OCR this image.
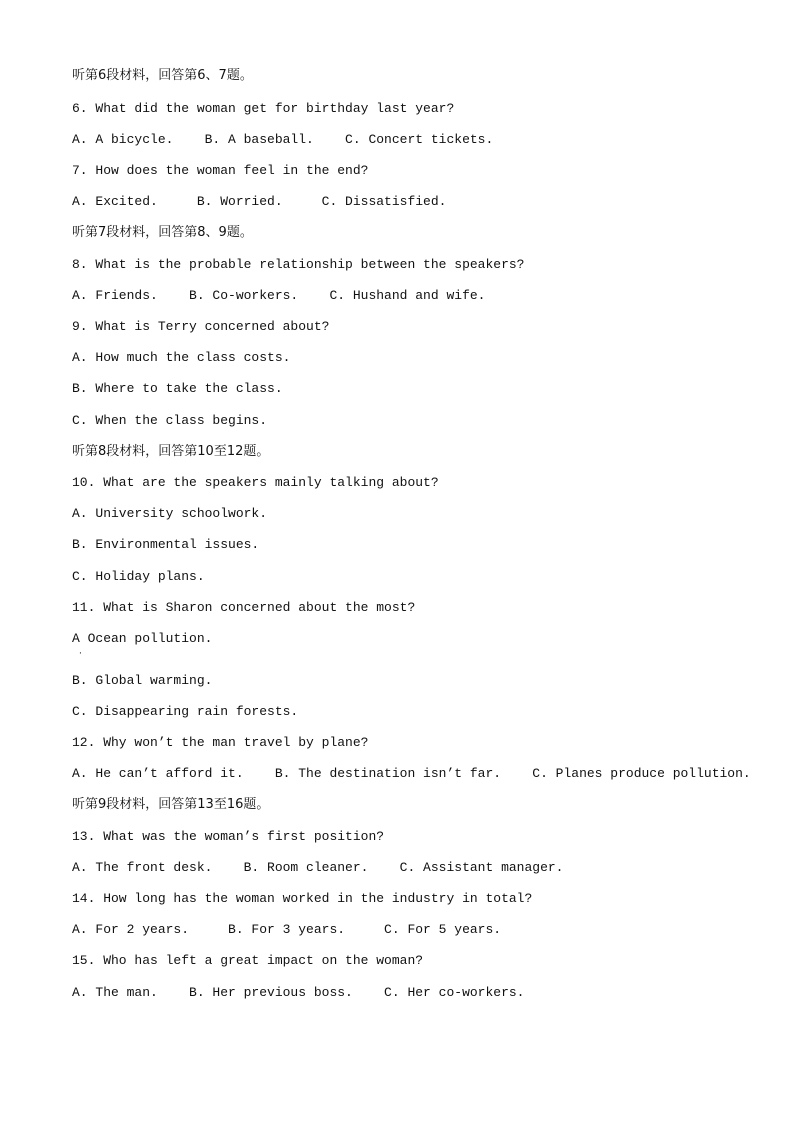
听第6段材料，回答第6、7题。
6. What did the woman get for birthday last year?
A. A bicycle.    B. A baseball.    C. Concert tickets.
7. How does the woman feel in the end?
A. Excited.     B. Worried.     C. Dissatisfied.
听第7段材料，回答第8、9题。
8. What is the probable relationship between the speakers?
A. Friends.    B. Co-workers.    C. Hushand and wife.
9. What is Terry concerned about?
A. How much the class costs.
B. Where to take the class.
C. When the class begins.
听第8段材料，回答第10至12题。
10. What are the speakers mainly talking about?
A. University schoolwork.
B. Environmental issues.
C. Holiday plans.
11. What is Sharon concerned about the most?
A Ocean pollution.
·
B. Global warming.
C. Disappearing rain forests.
12. Why won’t the man travel by plane?
A. He can’t afford it.    B. The destination isn’t far.    C. Planes produce pollution.
听第9段材料，回答第13至16题。
13. What was the woman’s first position?
A. The front desk.    B. Room cleaner.    C. Assistant manager.
14. How long has the woman worked in the industry in total?
A. For 2 years.     B. For 3 years.     C. For 5 years.
15. Who has left a great impact on the woman?
A. The man.    B. Her previous boss.    C. Her co-workers.
